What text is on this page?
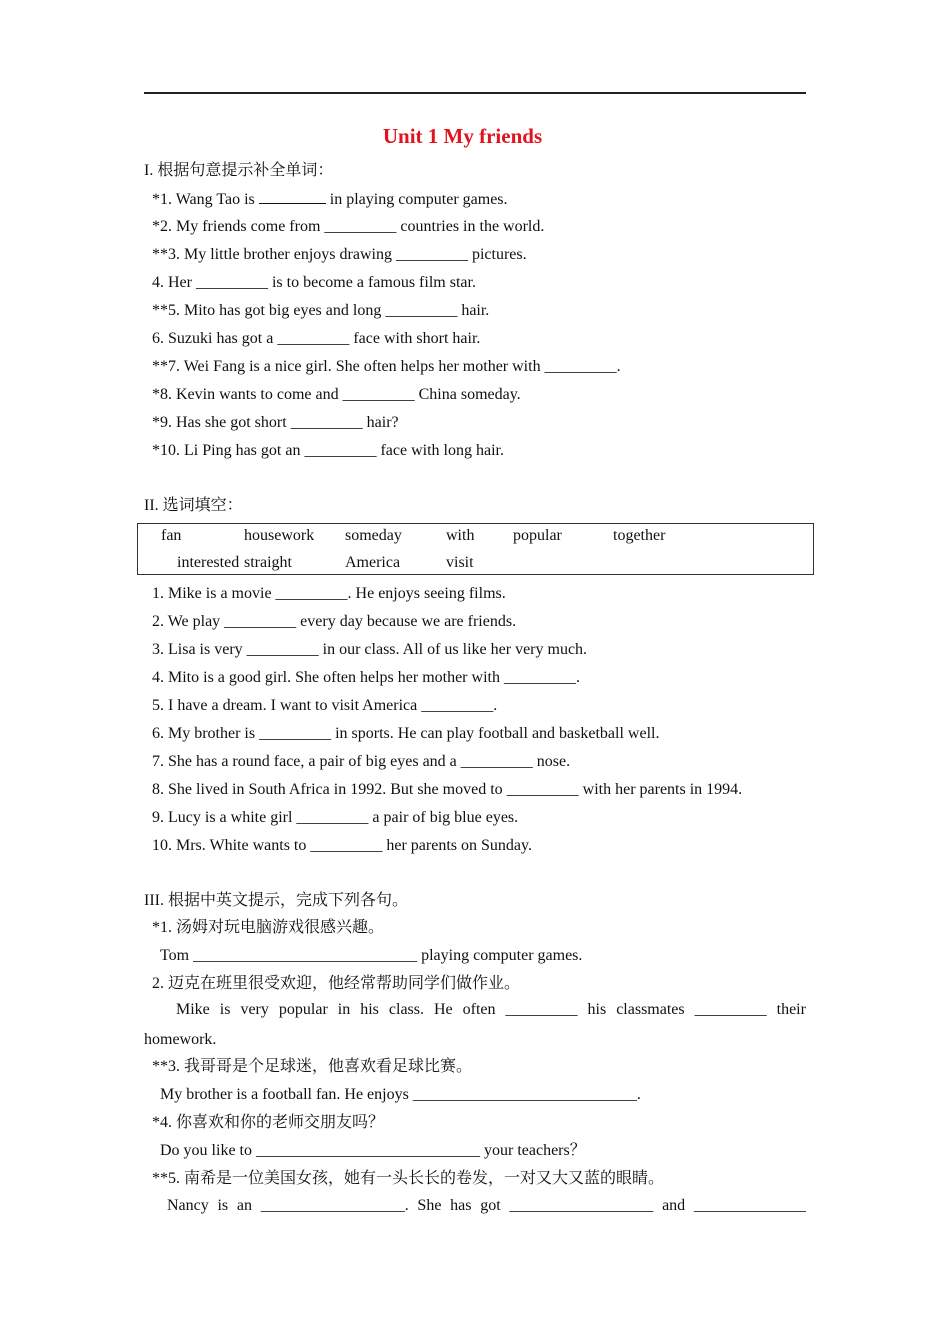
Unit 1 My friends
I. 根据句意提示补全单词：
*1. Wang Tao is	in playing computer games.
*2. My friends come from _________ countries in the world.
**3. My little brother enjoys drawing _________ pictures.
4. Her _________ is to become a famous film star.
**5. Mito has got big eyes and long _________ hair.
6. Suzuki has got a _________ face with short hair.
**7. Wei Fang is a nice girl. She often helps her mother with _________.
*8. Kevin wants to come and _________ China someday.
*9. Has she got short _________ hair?
*10. Li Ping has got an _________ face with long hair.
II. 选词填空：
fan	housework someday	with popular	together
interested straight	America	visit
1. Mike is a movie _________. He enjoys seeing films.
2. We play _________ every day because we are friends.
3. Lisa is very _________ in our class. All of us like her very much.
4. Mito is a good girl. She often helps her mother with _________.
5. I have a dream. I want to visit America _________.
6. My brother is _________ in sports. He can play football and basketball well.
7. She has a round face, a pair of big eyes and a _________ nose.
8. She lived in South Africa in 1992. But she moved to _________ with her parents in 1994.
9. Lucy is a white girl _________ a pair of big blue eyes.
10. Mrs. White wants to _________ her parents on Sunday.
III. 根据中英文提示，完成下列各句。
*1. 汤姆对玩电脑游戏很感兴趣。
Tom ____________________________ playing computer games.
2. 迈克在班里很受欢迎，他经常帮助同学们做作业。
Mike is very popular in his class. He often _________ his classmates _________ their
homework.
**3. 我哥哥是个足球迷，他喜欢看足球比赛。
My brother is a football fan. He enjoys ____________________________.
*4. 你喜欢和你的老师交朋友吗？
Do you like to ____________________________ your teachers？
**5. 南希是一位美国女孩，她有一头长长的卷发，一对又大又蓝的眼睛。
Nancy is an __________________. She has got __________________ and ______________
